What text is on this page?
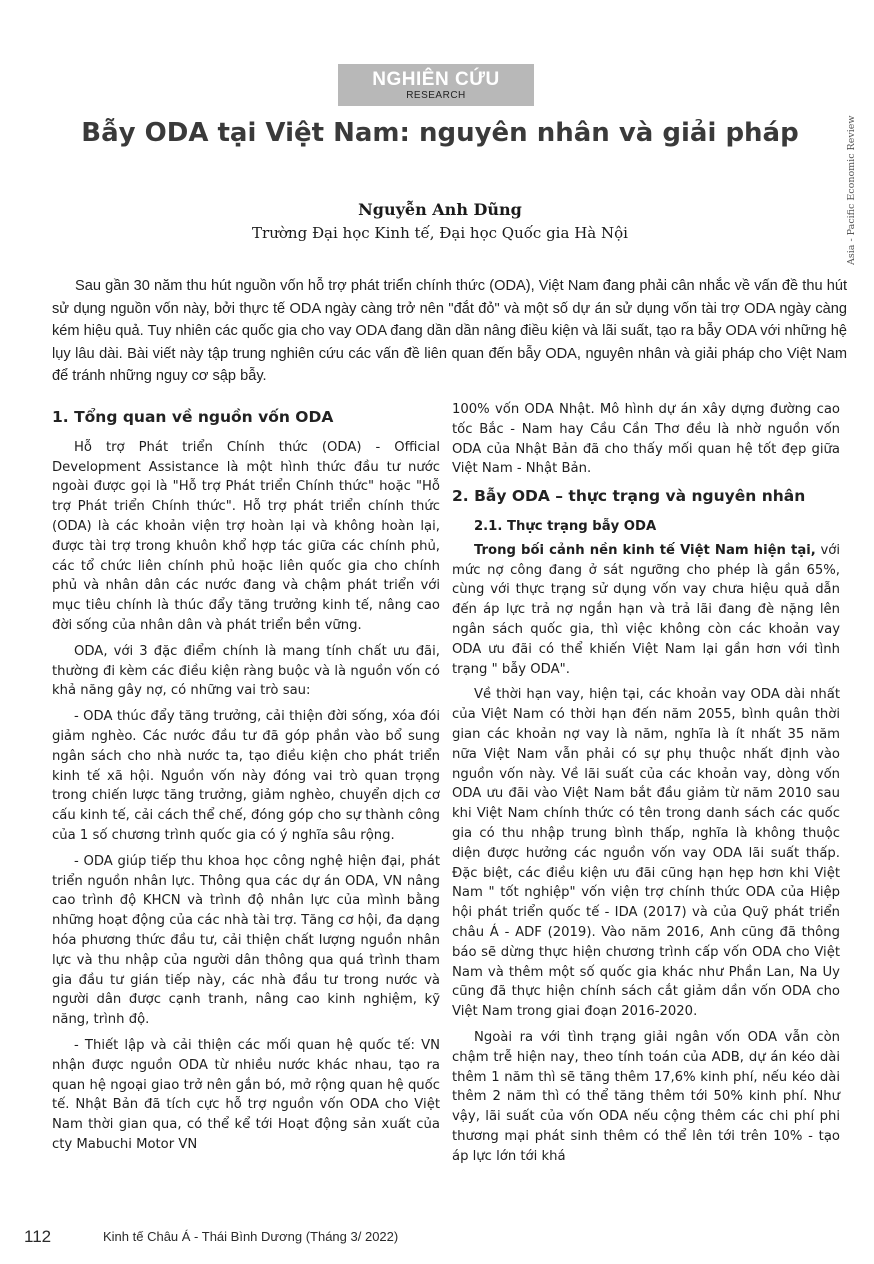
NGHIÊN CỨU
RESEARCH
Asia - Pacific Economic Review
Bẫy ODA tại Việt Nam: nguyên nhân và giải pháp
Nguyễn Anh Dũng
Trường Đại học Kinh tế, Đại học Quốc gia Hà Nội

Sau gần 30 năm thu hút nguồn vốn hỗ trợ phát triển chính thức (ODA), Việt Nam đang phải cân nhắc về vấn đề thu hút sử dụng nguồn vốn này, bởi thực tế ODA ngày càng trở nên "đắt đỏ" và một số dự án sử dụng vốn tài trợ ODA ngày càng kém hiệu quả. Tuy nhiên các quốc gia cho vay ODA đang dần dần nâng điều kiện và lãi suất, tạo ra bẫy ODA với những hệ lụy lâu dài. Bài viết này tập trung nghiên cứu các vấn đề liên quan đến bẫy ODA, nguyên nhân và giải pháp cho Việt Nam để tránh những nguy cơ sập bẫy.

1. Tổng quan về nguồn vốn ODA

Hỗ trợ Phát triển Chính thức (ODA) - Official Development Assistance là một hình thức đầu tư nước ngoài được gọi là "Hỗ trợ Phát triển Chính thức" hoặc "Hỗ trợ Phát triển Chính thức". Hỗ trợ phát triển chính thức (ODA) là các khoản viện trợ hoàn lại và không hoàn lại, được tài trợ trong khuôn khổ hợp tác giữa các chính phủ, các tổ chức liên chính phủ hoặc liên quốc gia cho chính phủ và nhân dân các nước đang và chậm phát triển với mục tiêu chính là thúc đẩy tăng trưởng kinh tế, nâng cao đời sống của nhân dân và phát triển bền vững.

ODA, với 3 đặc điểm chính là mang tính chất ưu đãi, thường đi kèm các điều kiện ràng buộc và là nguồn vốn có khả năng gây nợ, có những vai trò sau:

- ODA thúc đẩy tăng trưởng, cải thiện đời sống, xóa đói giảm nghèo. Các nước đầu tư đã góp phần vào bổ sung ngân sách cho nhà nước ta, tạo điều kiện cho phát triển kinh tế xã hội. Nguồn vốn này đóng vai trò quan trọng trong chiến lược tăng trưởng, giảm nghèo, chuyển dịch cơ cấu kinh tế, cải cách thể chế, đóng góp cho sự thành công của 1 số chương trình quốc gia có ý nghĩa sâu rộng.

- ODA giúp tiếp thu khoa học công nghệ hiện đại, phát triển nguồn nhân lực. Thông qua các dự án ODA, VN nâng cao trình độ KHCN và trình độ nhân lực của mình bằng những hoạt động của các nhà tài trợ. Tăng cơ hội, đa dạng hóa phương thức đầu tư, cải thiện chất lượng nguồn nhân lực và thu nhập của người dân thông qua quá trình tham gia đầu tư gián tiếp này, các nhà đầu tư trong nước và người dân được cạnh tranh, nâng cao kinh nghiệm, kỹ năng, trình độ.

- Thiết lập và cải thiện các mối quan hệ quốc tế: VN nhận được nguồn ODA từ nhiều nước khác nhau, tạo ra quan hệ ngoại giao trở nên gắn bó, mở rộng quan hệ quốc tế. Nhật Bản đã tích cực hỗ trợ nguồn vốn ODA cho Việt Nam thời gian qua, có thể kể tới Hoạt động sản xuất của cty Mabuchi Motor VN

100% vốn ODA Nhật. Mô hình dự án xây dựng đường cao tốc Bắc - Nam hay Cầu Cần Thơ đều là nhờ nguồn vốn ODA của Nhật Bản đã cho thấy mối quan hệ tốt đẹp giữa Việt Nam - Nhật Bản.

2. Bẫy ODA – thực trạng và nguyên nhân
2.1. Thực trạng bẫy ODA

Trong bối cảnh nền kinh tế Việt Nam hiện tại, với mức nợ công đang ở sát ngưỡng cho phép là gần 65%, cùng với thực trạng sử dụng vốn vay chưa hiệu quả dẫn đến áp lực trả nợ ngắn hạn và trả lãi đang đè nặng lên ngân sách quốc gia, thì việc không còn các khoản vay ODA ưu đãi có thể khiến Việt Nam lại gần hơn với tình trạng " bẫy ODA".

Về thời hạn vay, hiện tại, các khoản vay ODA dài nhất của Việt Nam có thời hạn đến năm 2055, bình quân thời gian các khoản nợ vay là năm, nghĩa là ít nhất 35 năm nữa Việt Nam vẫn phải có sự phụ thuộc nhất định vào nguồn vốn này. Về lãi suất của các khoản vay, dòng vốn ODA ưu đãi vào Việt Nam bắt đầu giảm từ năm 2010 sau khi Việt Nam chính thức có tên trong danh sách các quốc gia có thu nhập trung bình thấp, nghĩa là không thuộc diện được hưởng các nguồn vốn vay ODA lãi suất thấp. Đặc biệt, các điều kiện ưu đãi cũng hạn hẹp hơn khi Việt Nam " tốt nghiệp" vốn viện trợ chính thức ODA của Hiệp hội phát triển quốc tế - IDA (2017) và của Quỹ phát triển châu Á - ADF (2019). Vào năm 2016, Anh cũng đã thông báo sẽ dừng thực hiện chương trình cấp vốn ODA cho Việt Nam và thêm một số quốc gia khác như Phần Lan, Na Uy cũng đã thực hiện chính sách cắt giảm dần vốn ODA cho Việt Nam trong giai đoạn 2016-2020.

Ngoài ra với tình trạng giải ngân vốn ODA vẫn còn chậm trễ hiện nay, theo tính toán của ADB, dự án kéo dài thêm 1 năm thì sẽ tăng thêm 17,6% kinh phí, nếu kéo dài thêm 2 năm thì có thể tăng thêm tới 50% kinh phí. Như vậy, lãi suất của vốn ODA nếu cộng thêm các chi phí phi thương mại phát sinh thêm có thể lên tới trên 10% - tạo áp lực lớn tới khá

112	Kinh tế Châu Á - Thái Bình Dương (Tháng 3/ 2022)
